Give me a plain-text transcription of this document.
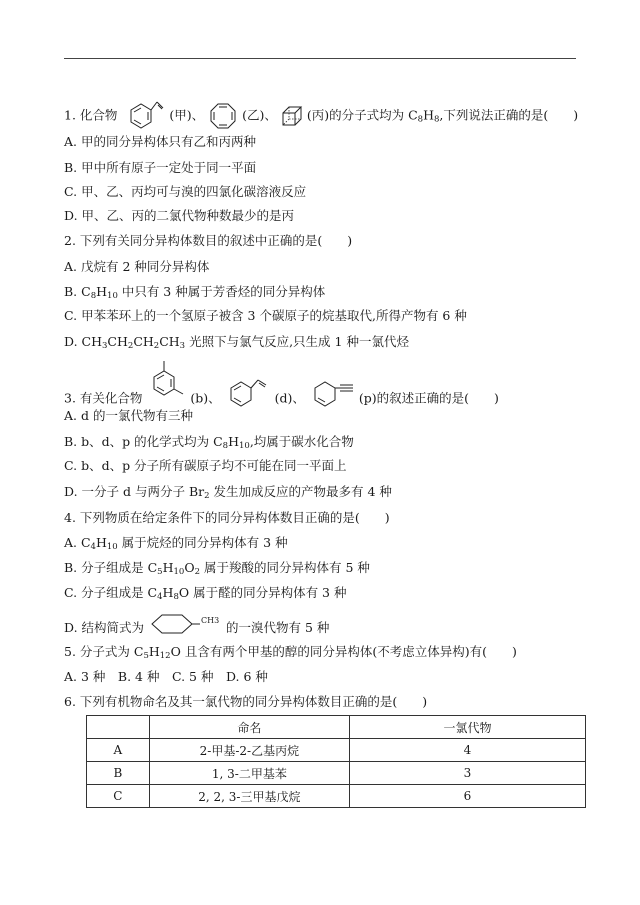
1. 化合物	(甲)、	(乙)、 (丙)的分子式均为 $C_8H_8$,下列说法正确的是(　　)
A. 甲的同分异构体只有乙和丙两种
B. 甲中所有原子一定处于同一平面
C. 甲、乙、丙均可与溴的四氯化碳溶液反应
D. 甲、乙、丙的二氯代物种数最少的是丙
2. 下列有关同分异构体数目的叙述中正确的是(　　)
A. 戊烷有 2 种同分异构体
B. $C_8H_{10}$ 中只有 3 种属于芳香烃的同分异构体
C. 甲苯苯环上的一个氢原子被含 3 个碳原子的烷基取代,所得产物有 6 种
D. $CH_3CH_2CH_2CH_3$ 光照下与氯气反应,只生成 1 种一氯代烃
3. 有关化合物	(b)、	(d)、	(p)的叙述正确的是(　　)
A. d 的一氯代物有三种
B. b、d、p 的化学式均为 $C_8H_{10}$,均属于碳水化合物
C. b、d、p 分子所有碳原子均不可能在同一平面上
D. 一分子 d 与两分子 $Br_2$ 发生加成反应的产物最多有 4 种
4. 下列物质在给定条件下的同分异构体数目正确的是(　　)
A. $C_4H_{10}$ 属于烷烃的同分异构体有 3 种
B. 分子组成是 $C_5H_{10}O_2$ 属于羧酸的同分异构体有 5 种
C. 分子组成是 $C_4H_8O$ 属于醛的同分异构体有 3 种
D. 结构简式为	CH3 的一溴代物有 5 种
5. 分子式为 $C_5H_{12}O$ 且含有两个甲基的醇的同分异构体(不考虑立体异构)有(　　)
A. 3 种　B. 4 种　C. 5 种　D. 6 种
6. 下列有机物命名及其一氯代物的同分异构体数目正确的是(　　)
	命名	一氯代物
A	2-甲基-2-乙基丙烷	4
B	1, 3-二甲基苯	3
C	2, 2, 3-三甲基戊烷	6
